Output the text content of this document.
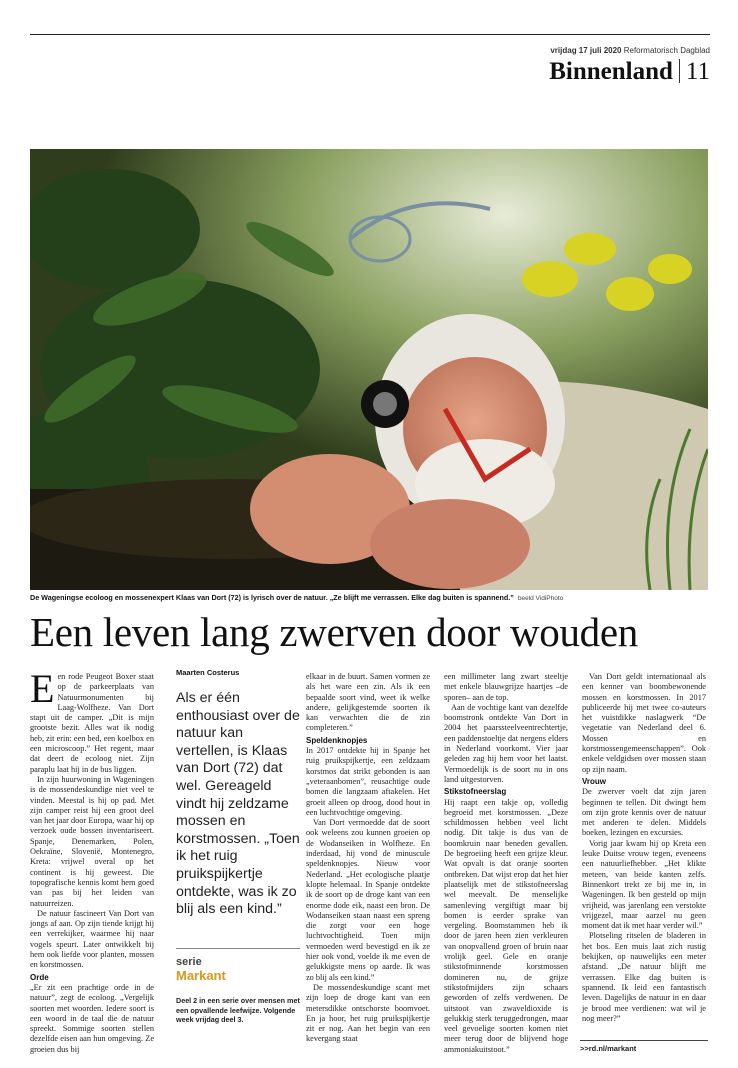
vrijdag 17 juli 2020 Reformatorisch Dagblad
Binnenland 11
De Wageningse ecoloog en mossenexpert Klaas van Dort (72) is lyrisch over de natuur. „Ze blijft me verrassen. Elke dag buiten is spannend.” beeld VidiPhoto
Een leven lang zwerven door wouden
E en rode Peugeot Boxer staat op de parkeerplaats van Natuurmonumenten bij Laag-Wolfheze. Van Dort stapt uit de camper. „Dit is mijn grootste bezit. Alles wat ik nodig heb, zit erin: een bed, een koelbox en een microscoop.” Het regent, maar dat deert de ecoloog niet. Zijn paraplu laat hij in de bus liggen.

In zijn huurwoning in Wageningen is de mossendeskundige niet veel te vinden. Meestal is hij op pad. Met zijn camper reist hij een groot deel van het jaar door Europa, waar hij op verzoek oude bossen inventariseert. Spanje, Denemarken, Polen, Oekraïne, Slovenië, Montenegro, Kreta: vrijwel overal op het continent is hij geweest. Die topografische kennis komt hem goed van pas bij het leiden van natuurreizen.

De natuur fascineert Van Dort van jongs af aan. Op zijn tiende krijgt hij een verrekijker, waarmee hij naar vogels speurt. Later ontwikkelt bij hem ook liefde voor planten, mossen en korstmossen.

Orde

„Er zit een prachtige orde in de natuur”, zegt de ecoloog. „Vergelijk soorten met woorden. Iedere soort is een woord in de taal die de natuur spreekt. Sommige soorten stellen dezelfde eisen aan hun omgeving. Ze groeien dus bij

Maarten Costerus
Als er één enthousiast over de natuur kan vertellen, is Klaas van Dort (72) dat wel. Gereageld vindt hij zeldzame mossen en korstmossen. „Toen ik het ruig pruikspijkertje ontdekte, was ik zo blij als een kind.”
serie
Markant
Deel 2 in een serie over mensen met een opvallende leefwijze. Volgende week vrijdag deel 3.

elkaar in de buurt. Samen vormen ze als het ware een zin. Als ik een bepaalde soort vind, weet ik welke andere, gelijkgestemde soorten ik kan verwachten die de zin completeren.”

Speldenknopjes

In 2017 ontdekte hij in Spanje het ruig pruikspijkertje, een zeldzaam korstmos dat strikt gebonden is aan „veteraanbomen”, reusachtige oude bomen die langzaam aftakelen. Het groeit alleen op droog, dood hout in een luchtvochtige omgeving.

Van Dort vermoedde dat de soort ook weleens zou kunnen groeien op de Wodanseiken in Wolfheze. En inderdaad, hij vond de minuscule speldenknopjes. Nieuw voor Nederland. „Het ecologische plaatje klopte helemaal. In Spanje ontdekte ik de soort op de droge kant van een enorme dode eik, naast een bron. De Wodanseiken staan naast een spreng die zorgt voor een hoge luchtvochtigheid. Toen mijn vermoeden werd bevestigd en ik ze hier ook vond, voelde ik me even de gelukkigste mens op aarde. Ik was zo blij als een kind.”

De mossendeskundige scant met zijn loep de droge kant van een metersdikke ontschorste boomvoet. En ja hoor, het ruig pruikspijkertje zit er nog. Aan het begin van een kevergang staat

een millimeter lang zwart steeltje met enkele blauwgrijze haartjes –de sporen– aan de top.

Aan de vochtige kant van dezelfde boomstronk ontdekte Van Dort in 2004 het paarssteelveentrechtertje, een paddenstoeltje dat nergens elders in Nederland voorkomt. Vier jaar geleden zag hij hem voor het laatst. Vermoedelijk is de soort nu in ons land uitgestorven.

Stikstofneerslag

Hij raapt een takje op, volledig begroeid met korstmossen. „Deze schildmossen hebben veel licht nodig. Dit takje is dus van de boomkruin naar beneden gevallen. De begroeiing heeft een grijze kleur. Wat opvalt is dat oranje soorten ontbreken. Dat wijst erop dat het hier plaatselijk met de stikstofneerslag wel meevalt. De menselijke samenleving vergiftigt maar bij bomen is eerder sprake van vergeling. Boomstammen heb ik door de jaren heen zien verkleuren van onopvallend groen of bruin naar vrolijk geel. Gele en oranje stikstofminnende korstmossen domineren nu, de grijze stikstofmijders zijn schaars geworden of zelfs verdwenen. De uitstoot van zwaveldioxide is gelukkig sterk teruggedrongen, maar veel gevoelige soorten komen niet meer terug door de blijvend hoge ammoniakuitstoot.”

Van Dort geldt internationaal als een kenner van boombewonende mossen en korstmossen. In 2017 publiceerde hij met twee co-auteurs het vuistdikke naslagwerk “De vegetatie van Nederland deel 6. Mossen en korstmossengemeenschappen”. Ook enkele veldgidsen over mossen staan op zijn naam.

Vrouw

De zwerver voelt dat zijn jaren beginnen te tellen. Dit dwingt hem om zijn grote kennis over de natuur met anderen te delen. Middels boeken, lezingen en excursies.

Vorig jaar kwam hij op Kreta een leuke Duitse vrouw tegen, eveneens een natuurliefhebber. „Het klikte meteen, van beide kanten zelfs. Binnenkort trekt ze bij me in, in Wageningen. Ik ben gesteld op mijn vrijheid, was jarenlang een verstokte vrijgezel, maar aarzel nu geen moment dat ik met haar verder wil.”

Plotseling ritselen de bladeren in het bos. Een muis laat zich rustig bekijken, op nauwelijks een meter afstand. „De natuur blijft me verrassen. Elke dag buiten is spannend. Ik leid een fantastisch leven. Dagelijks de natuur in en daar je brood mee verdienen: wat wil je nog meer?”

>>rd.nl/markant
